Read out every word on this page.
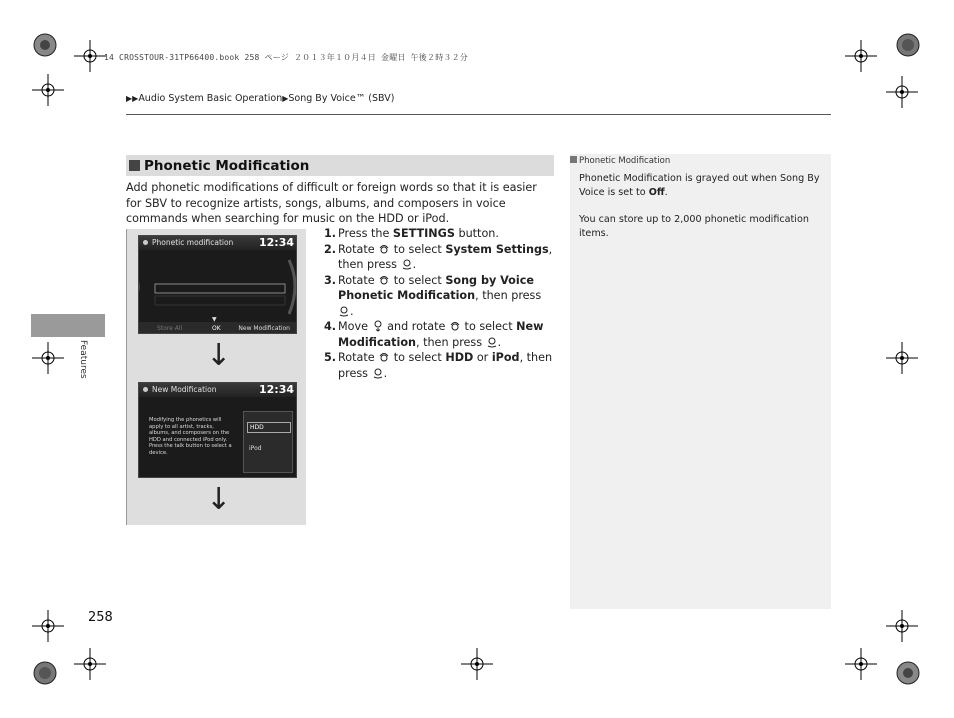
14 CROSSTOUR-31TP66400.book 258 ページ ２０１３年１０月４日 金曜日 午後２時３２分
▶▶Audio System Basic Operation▶Song By Voice™ (SBV)
Features
Phonetic Modification
Add phonetic modifications of difficult or foreign words so that it is easier for SBV to recognize artists, songs, albums, and composers in voice commands when searching for music on the HDD or iPod.
Phonetic modification 12:34
Store All
▼
OK	New Modification
↓
New Modification	12:34
Modifying the phonetics will apply to all artist, tracks, albums, and composers on the HDD and connected iPod only. Press the talk button to select a device.
HDD
iPod
↓
1. Press the SETTINGS button.
2. Rotate  to select System Settings, then press .
3. Rotate  to select Song by Voice Phonetic Modification, then press .
4. Move  and rotate  to select New Modification, then press .
5. Rotate  to select HDD or iPod, then press .
Phonetic Modification
Phonetic Modification is grayed out when Song By Voice is set to Off.
You can store up to 2,000 phonetic modification items.
258
